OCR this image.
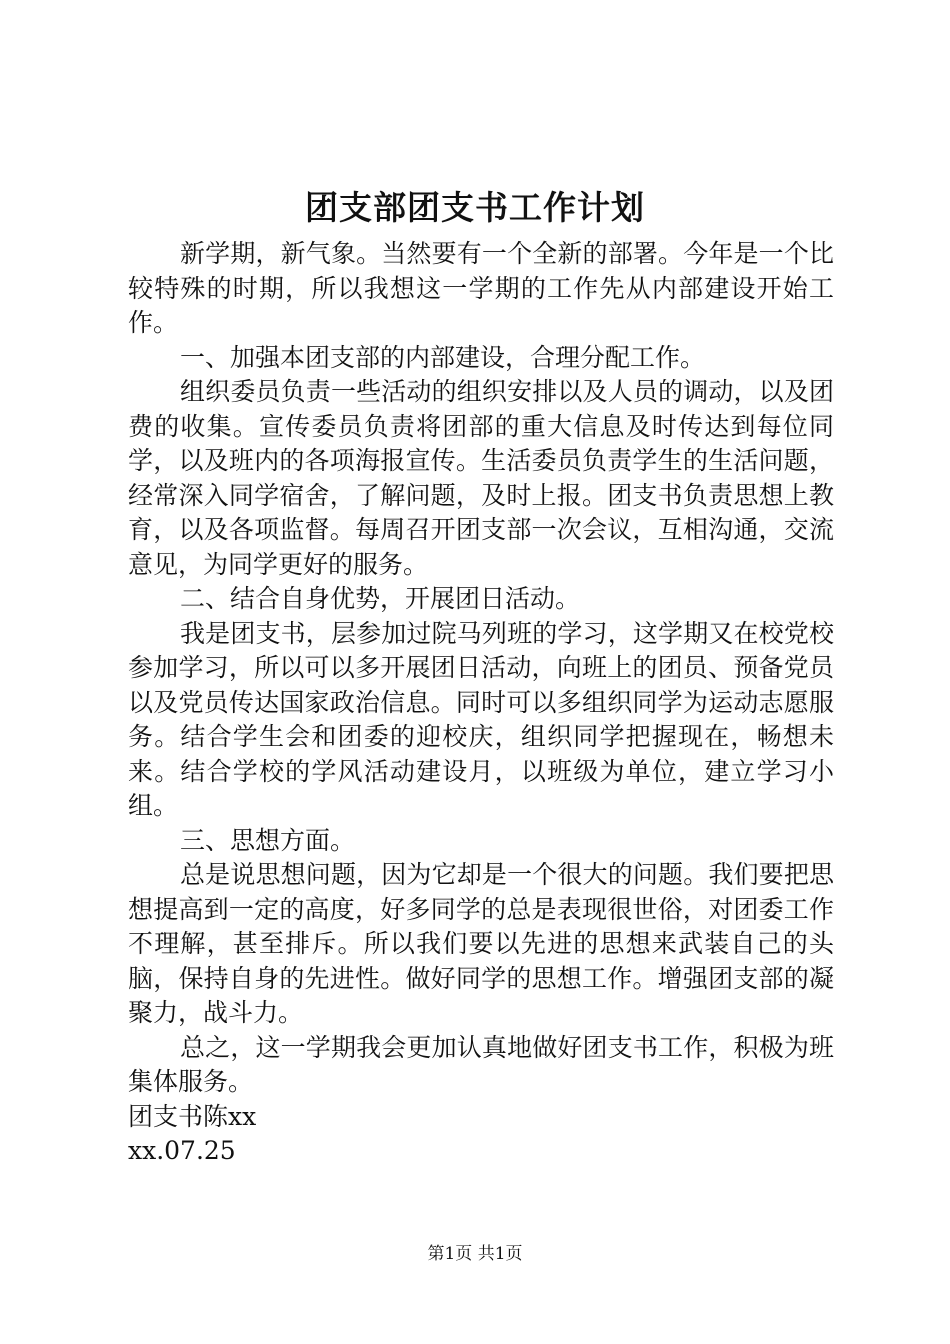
团支部团支书工作计划

新学期，新气象。当然要有一个全新的部署。今年是一个比较特殊的时期，所以我想这一学期的工作先从内部建设开始工作。

一、加强本团支部的内部建设，合理分配工作。

组织委员负责一些活动的组织安排以及人员的调动，以及团费的收集。宣传委员负责将团部的重大信息及时传达到每位同学，以及班内的各项海报宣传。生活委员负责学生的生活问题，经常深入同学宿舍，了解问题，及时上报。团支书负责思想上教育，以及各项监督。每周召开团支部一次会议，互相沟通，交流意见，为同学更好的服务。

二、结合自身优势，开展团日活动。

我是团支书，层参加过院马列班的学习，这学期又在校党校参加学习，所以可以多开展团日活动，向班上的团员、预备党员以及党员传达国家政治信息。同时可以多组织同学为运动志愿服务。结合学生会和团委的迎校庆，组织同学把握现在，畅想未来。结合学校的学风活动建设月，以班级为单位，建立学习小组。

三、思想方面。

总是说思想问题，因为它却是一个很大的问题。我们要把思想提高到一定的高度，好多同学的总是表现很世俗，对团委工作不理解，甚至排斥。所以我们要以先进的思想来武装自己的头脑，保持自身的先进性。做好同学的思想工作。增强团支部的凝聚力，战斗力。

总之，这一学期我会更加认真地做好团支书工作，积极为班集体服务。

团支书陈xx

xx.07.25

第1页 共1页
